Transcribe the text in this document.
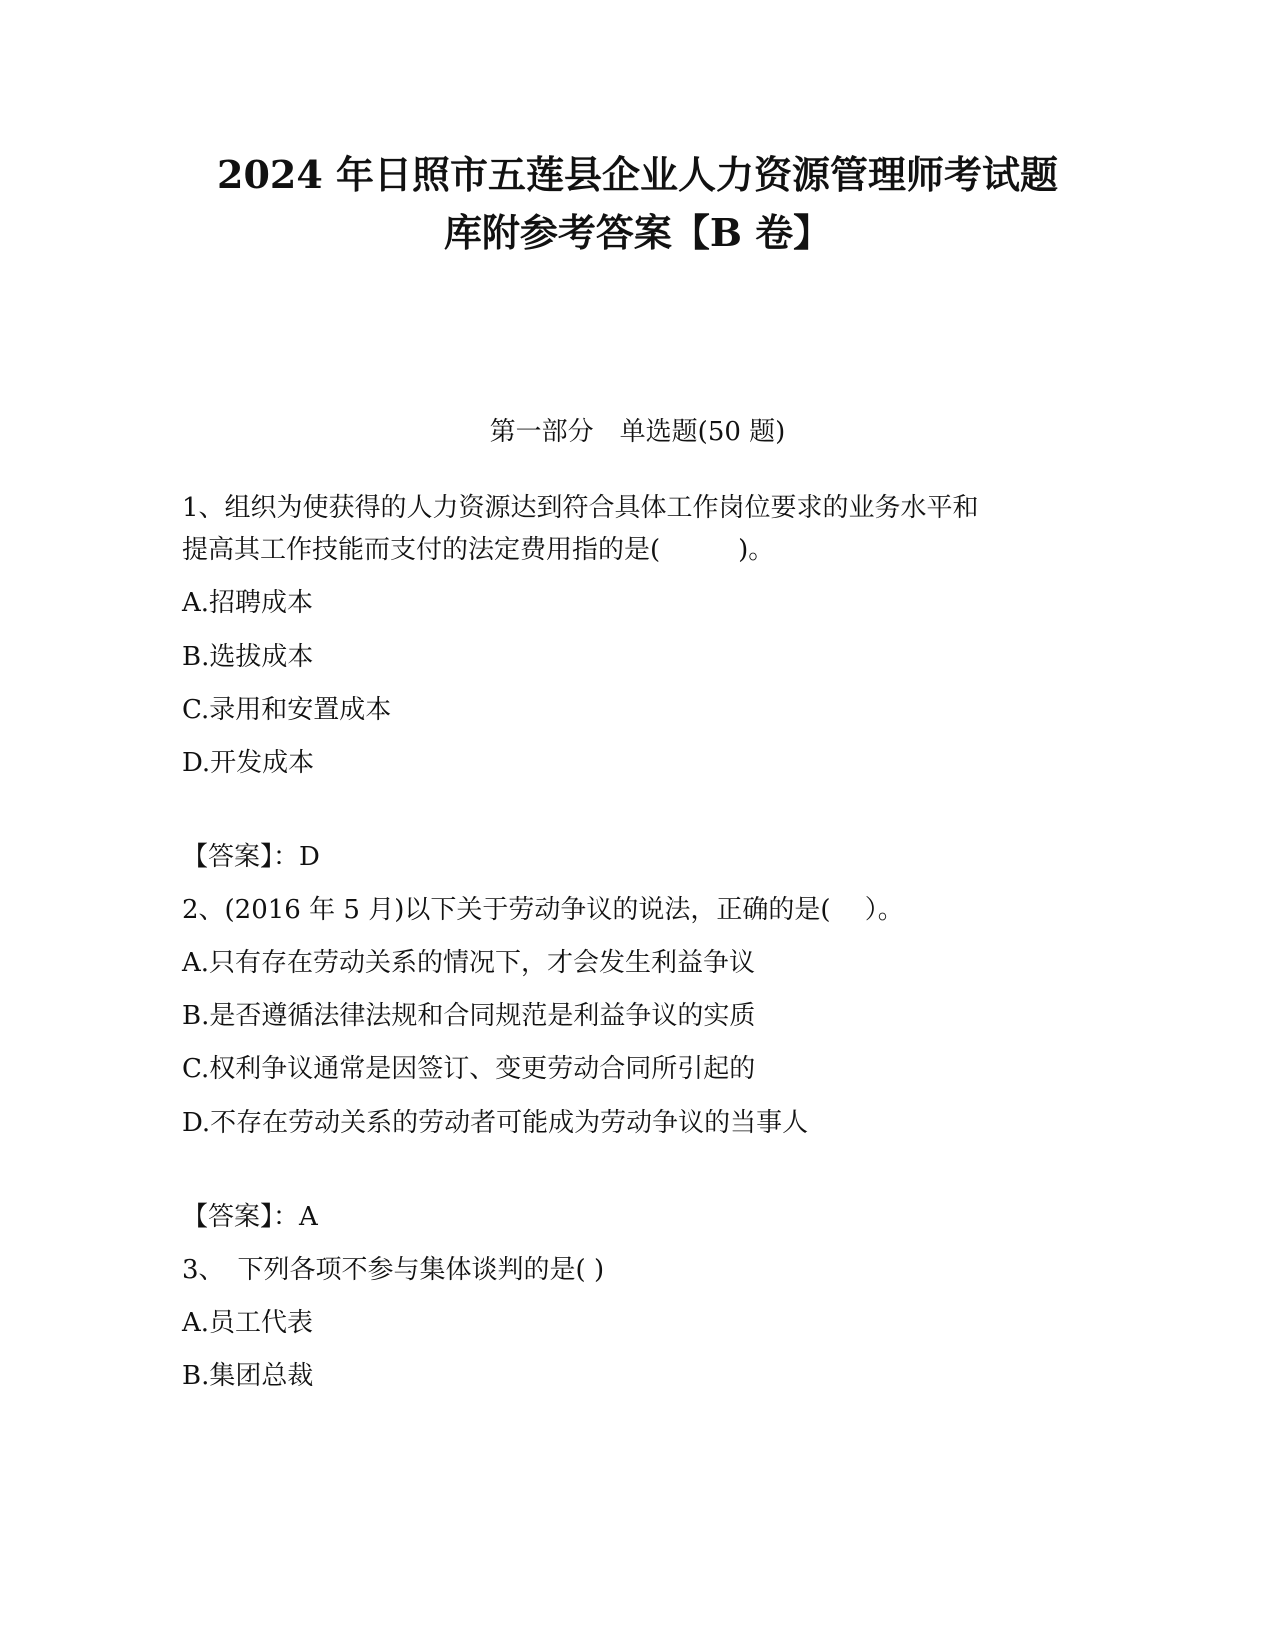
2024 年日照市五莲县企业人力资源管理师考试题
库附参考答案【B 卷】
第一部分　单选题(50 题)
1、组织为使获得的人力资源达到符合具体工作岗位要求的业务水平和
提高其工作技能而支付的法定费用指的是(　　　)。
A.招聘成本
B.选拔成本
C.录用和安置成本
D.开发成本
【答案】：D
2、(2016 年 5 月)以下关于劳动争议的说法，正确的是(　 ）。
A.只有存在劳动关系的情况下，才会发生利益争议
B.是否遵循法律法规和合同规范是利益争议的实质
C.权利争议通常是因签订、变更劳动合同所引起的
D.不存在劳动关系的劳动者可能成为劳动争议的当事人
【答案】：A
3、　下列各项不参与集体谈判的是( )
A.员工代表
B.集团总裁
